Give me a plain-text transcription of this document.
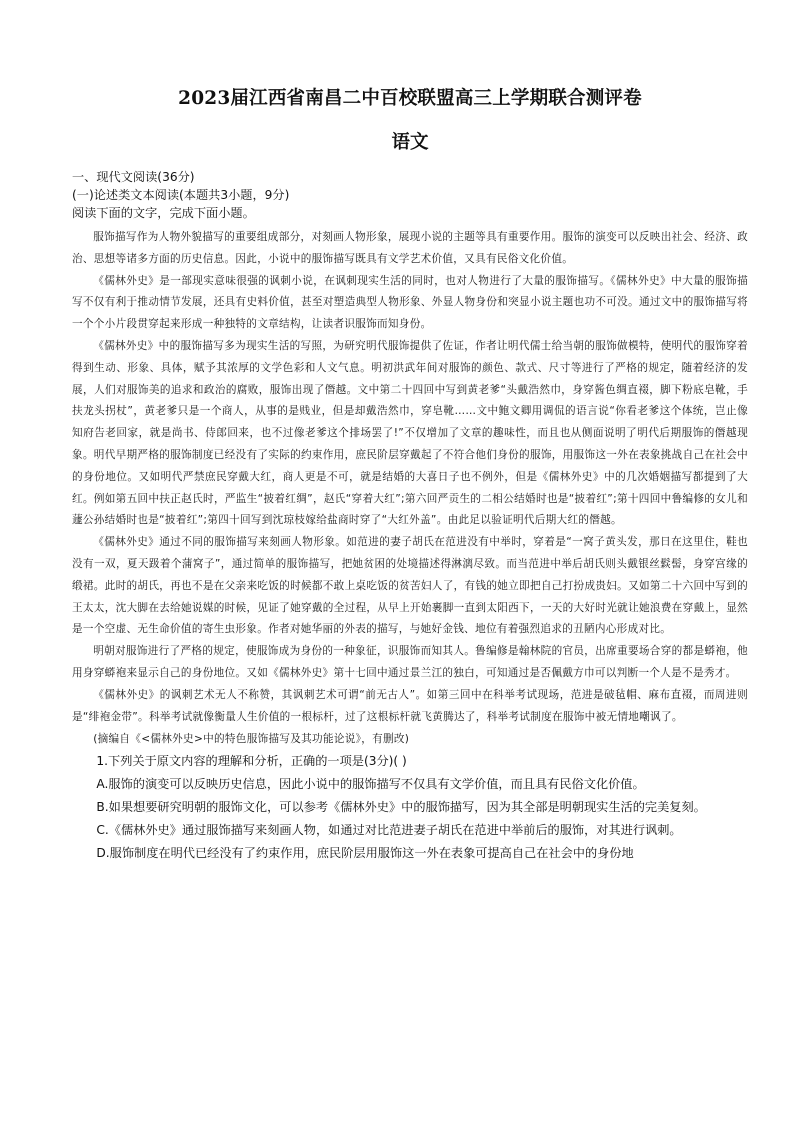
2023届江西省南昌二中百校联盟高三上学期联合测评卷
语文

一、现代文阅读(36分)

(一)论述类文本阅读(本题共3小题，9分)

阅读下面的文字，完成下面小题。

服饰描写作为人物外貌描写的重要组成部分，对刻画人物形象，展现小说的主题等具有重要作用。服饰的演变可以反映出社会、经济、政治、思想等诸多方面的历史信息。因此，小说中的服饰描写既具有文学艺术价值，又具有民俗文化价值。

《儒林外史》是一部现实意味很强的讽刺小说，在讽刺现实生活的同时，也对人物进行了大量的服饰描写。《儒林外史》中大量的服饰描写不仅有利于推动情节发展，还具有史料价值，甚至对塑造典型人物形象、外显人物身份和突显小说主题也功不可没。通过文中的服饰描写将一个个小片段贯穿起来形成一种独特的文章结构，让读者识服饰而知身份。

《儒林外史》中的服饰描写多为现实生活的写照，为研究明代服饰提供了佐证，作者让明代儒士给当朝的服饰做模特，使明代的服饰穿着得到生动、形象、具体，赋予其浓厚的文学色彩和人文气息。明初洪武年间对服饰的颜色、款式、尺寸等进行了严格的规定，随着经济的发展，人们对服饰美的追求和政治的腐败，服饰出现了僭越。文中第二十四回中写到黄老爹“头戴浩然巾，身穿酱色绸直裰，脚下粉底皂靴，手扶龙头拐杖”，黄老爹只是一个商人，从事的是贱业，但是却戴浩然巾，穿皂靴……文中鲍文卿用调侃的语言说“你看老爹这个体统，岂止像知府告老回家，就是尚书、侍郎回来，也不过像老爹这个排场罢了!”不仅增加了文章的趣味性，而且也从侧面说明了明代后期服饰的僭越现象。明代早期严格的服饰制度已经没有了实际的约束作用，庶民阶层穿戴起了不符合他们身份的服饰，用服饰这一外在表象挑战自己在社会中的身份地位。又如明代严禁庶民穿戴大红，商人更是不可，就是结婚的大喜日子也不例外，但是《儒林外史》中的几次婚姻描写都提到了大红。例如第五回中扶正赵氏时，严监生“披着红绸”，赵氏“穿着大红”;第六回严贡生的二相公结婚时也是“披着红”;第十四回中鲁编修的女儿和蘧公孙结婚时也是“披着红”;第四十回写到沈琼枝嫁给盐商时穿了“大红外盖”。由此足以验证明代后期大红的僭越。

《儒林外史》通过不同的服饰描写来刻画人物形象。如范进的妻子胡氏在范进没有中举时，穿着是“一窝子黄头发，那日在这里住，鞋也没有一双，夏天趿着个蒲窝子”，通过简单的服饰描写，把她贫困的处境描述得淋漓尽致。而当范进中举后胡氏则头戴银丝鬏髻，身穿宫缘的缎裙。此时的胡氏，再也不是在父亲来吃饭的时候都不敢上桌吃饭的贫苦妇人了，有钱的她立即把自己打扮成贵妇。又如第二十六回中写到的王太太，沈大脚在去给她说媒的时候，见证了她穿戴的全过程，从早上开始裹脚一直到太阳西下，一天的大好时光就让她浪费在穿戴上，显然是一个空虚、无生命价值的寄生虫形象。作者对她华丽的外表的描写，与她好金钱、地位有着强烈追求的丑陋内心形成对比。

明朝对服饰进行了严格的规定，使服饰成为身份的一种象征，识服饰而知其人。鲁编修是翰林院的官员，出席重要场合穿的都是蟒袍，他用身穿蟒袍来显示自己的身份地位。又如《儒林外史》第十七回中通过景兰江的独白，可知通过是否佩戴方巾可以判断一个人是不是秀才。

《儒林外史》的讽刺艺术无人不称赞，其讽刺艺术可谓“前无古人”。如第三回中在科举考试现场，范进是破毡帽、麻布直裰，而周进则是“绯袍金带”。科举考试就像衡量人生价值的一根标杆，过了这根标杆就飞黄腾达了，科举考试制度在服饰中被无情地嘲讽了。

(摘编自《<儒林外史>中的特色服饰描写及其功能论说》，有删改)

1.下列关于原文内容的理解和分析，正确的一项是(3分)( )

A.服饰的演变可以反映历史信息，因此小说中的服饰描写不仅具有文学价值，而且具有民俗文化价值。

B.如果想要研究明朝的服饰文化，可以参考《儒林外史》中的服饰描写，因为其全部是明朝现实生活的完美复刻。

C.《儒林外史》通过服饰描写来刻画人物，如通过对比范进妻子胡氏在范进中举前后的服饰，对其进行讽刺。

D.服饰制度在明代已经没有了约束作用，庶民阶层用服饰这一外在表象可提高自己在社会中的身份地
